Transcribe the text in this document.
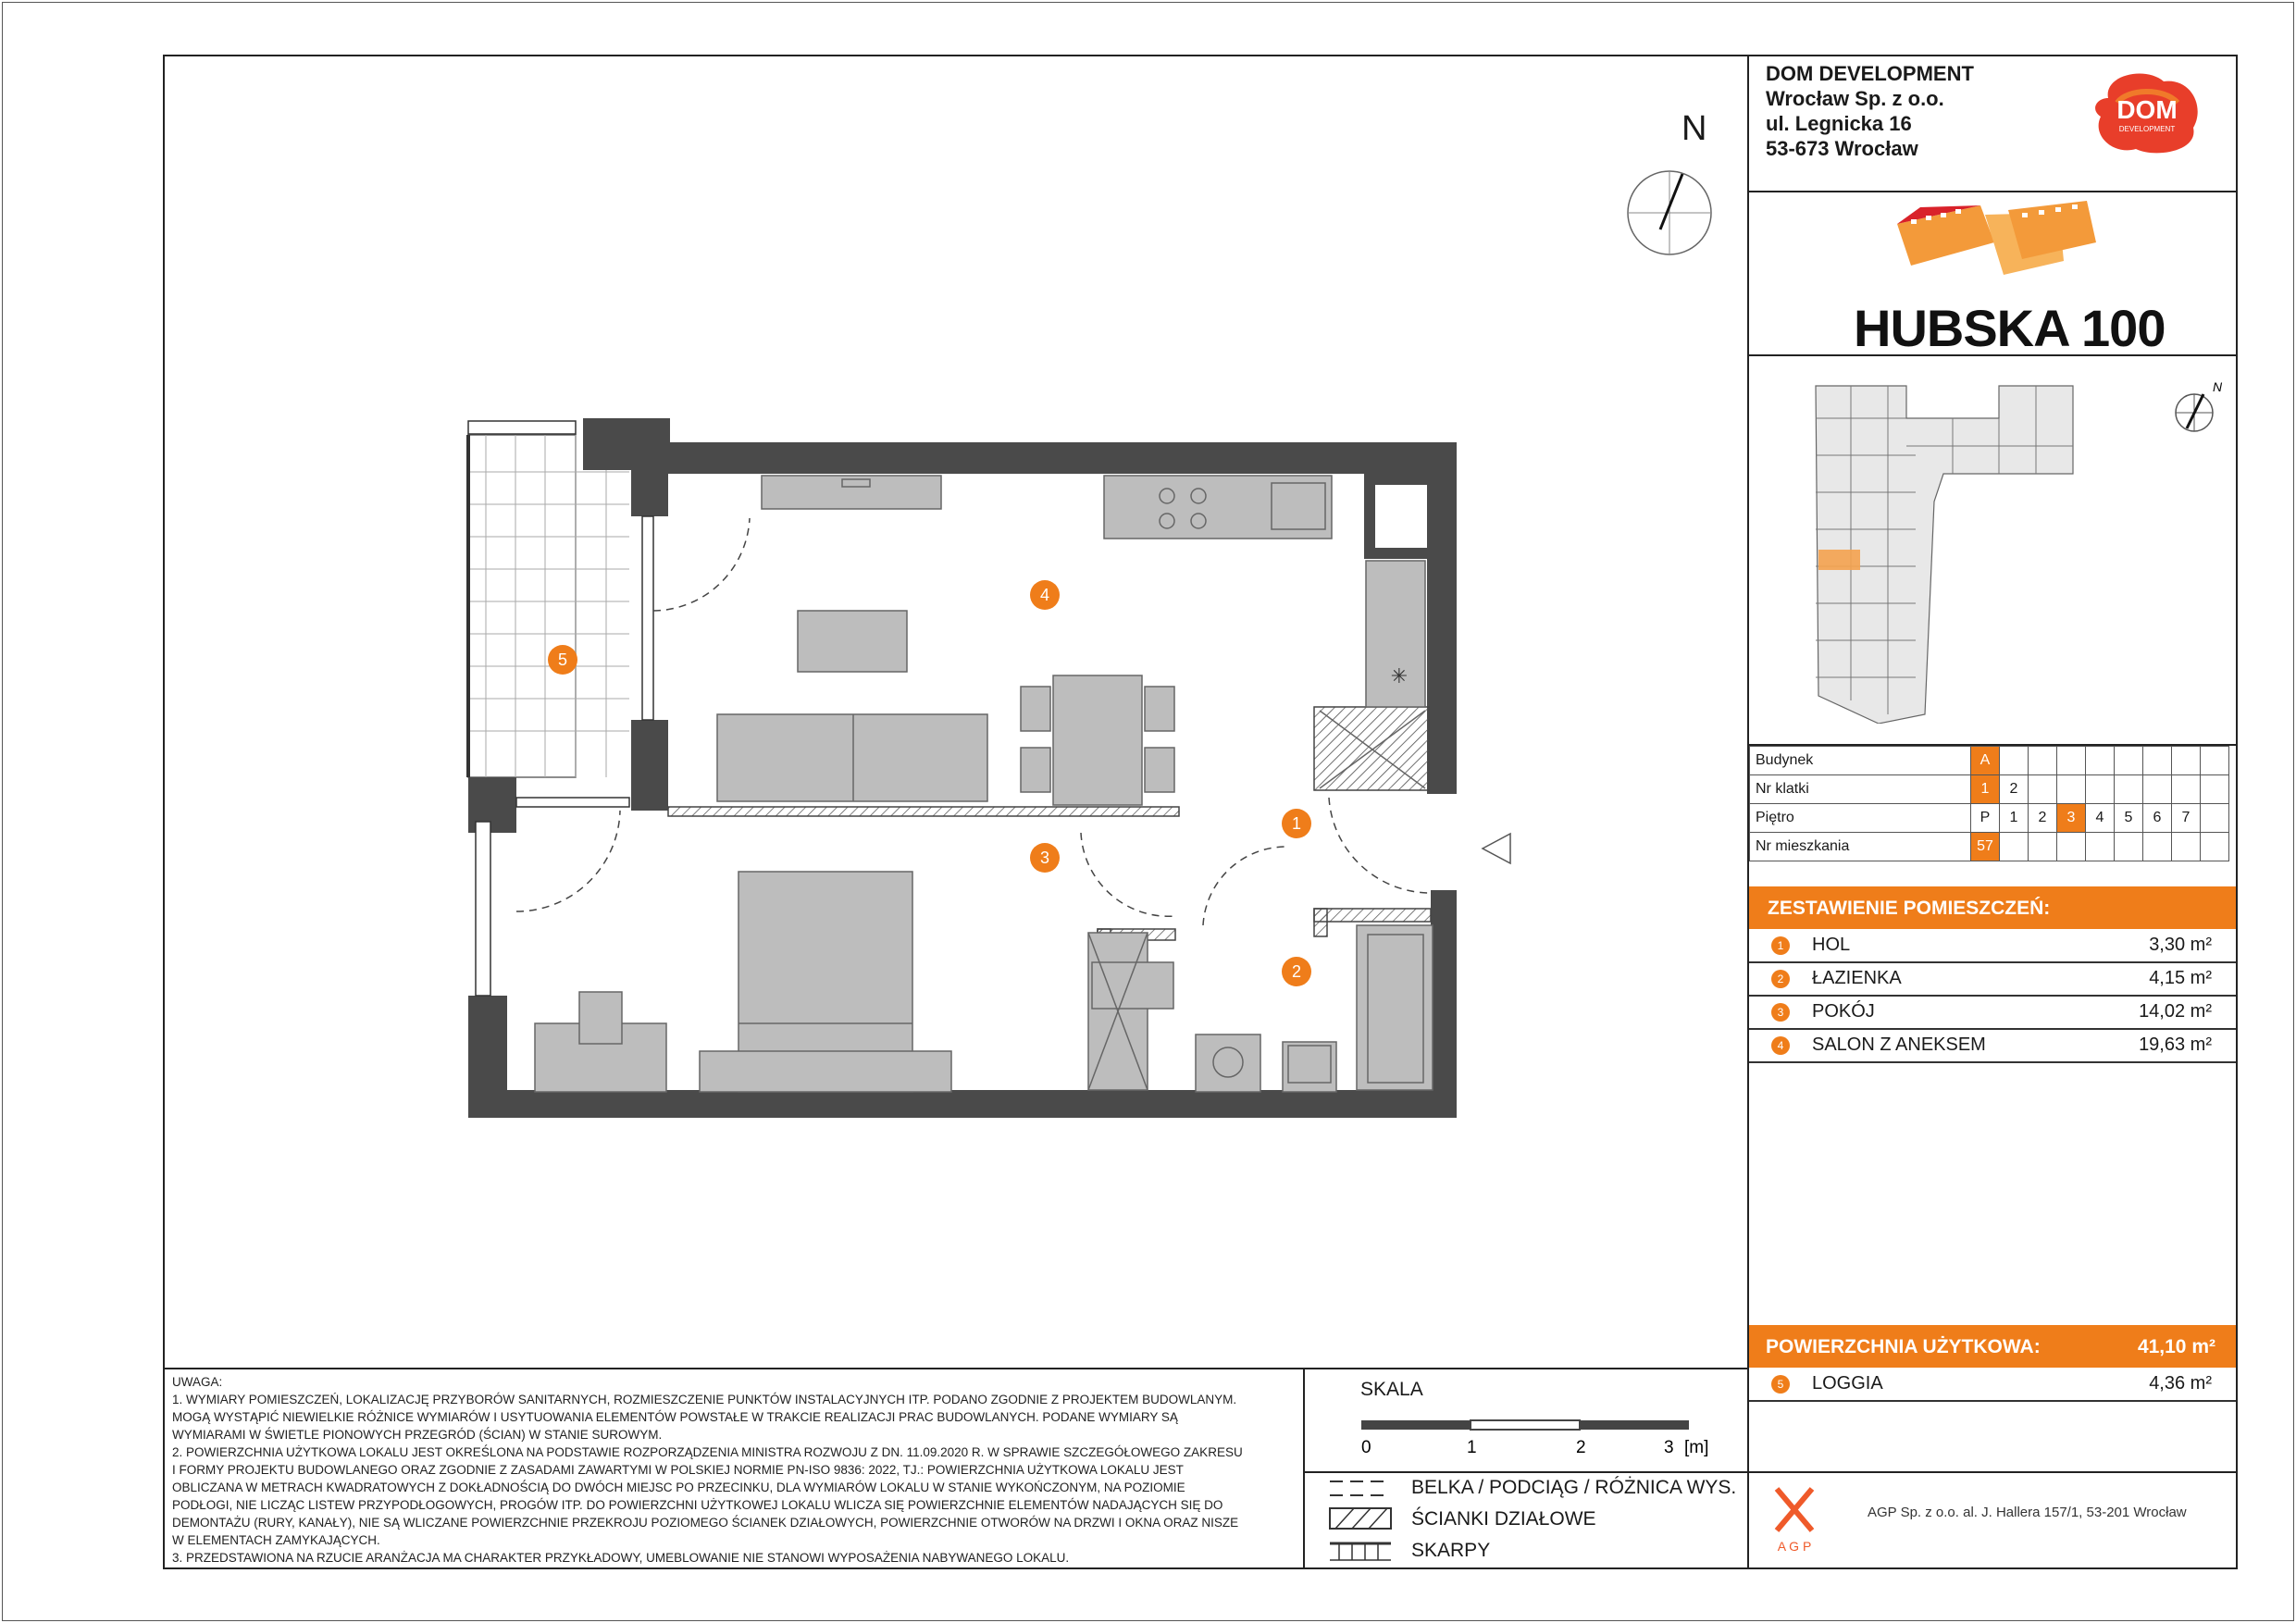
DOM DEVELOPMENT
Wrocław Sp. z o.o.
ul. Legnicka 16
53-673 Wrocław
DOM
DEVELOPMENT
HUBSKA 100
N
Budynek	A								
Nr klatki	1	2							
Piętro	P	1	2	3	4	5	6	7	
Nr mieszkania	57								
ZESTAWIENIE POMIESZCZEŃ:
1	HOL	3,30 m²
2	ŁAZIENKA	4,15 m²
3	POKÓJ	14,02 m²
4	SALON Z ANEKSEM	19,63 m²
POWIERZCHNIA UŻYTKOWA:	41,10 m²
5	LOGGIA	4,36 m²
A G P
AGP Sp. z o.o. al. J. Hallera 157/1, 53-201 Wrocław
UWAGA:
1. WYMIARY POMIESZCZEŃ, LOKALIZACJĘ PRZYBORÓW SANITARNYCH, ROZMIESZCZENIE PUNKTÓW INSTALACYJNYCH ITP. PODANO ZGODNIE Z PROJEKTEM BUDOWLANYM.
MOGĄ WYSTĄPIĆ NIEWIELKIE RÓŻNICE WYMIARÓW I USYTUOWANIA ELEMENTÓW POWSTAŁE W TRAKCIE REALIZACJI PRAC BUDOWLANYCH. PODANE WYMIARY SĄ
WYMIARAMI W ŚWIETLE PIONOWYCH PRZEGRÓD (ŚCIAN) W STANIE SUROWYM.
2. POWIERZCHNIA UŻYTKOWA LOKALU JEST OKREŚLONA NA PODSTAWIE ROZPORZĄDZENIA MINISTRA ROZWOJU Z DN. 11.09.2020 R. W SPRAWIE SZCZEGÓŁOWEGO ZAKRESU
I FORMY PROJEKTU BUDOWLANEGO ORAZ ZGODNIE Z ZASADAMI ZAWARTYMI W POLSKIEJ NORMIE PN-ISO 9836: 2022, TJ.: POWIERZCHNIA UŻYTKOWA LOKALU JEST
OBLICZANA W METRACH KWADRATOWYCH Z DOKŁADNOŚCIĄ DO DWÓCH MIEJSC PO PRZECINKU, DLA WYMIARÓW LOKALU W STANIE WYKOŃCZONYM, NA POZIOMIE
PODŁOGI, NIE LICZĄC LISTEW PRZYPODŁOGOWYCH, PROGÓW ITP. DO POWIERZCHNI UŻYTKOWEJ LOKALU WLICZA SIĘ POWIERZCHNIE ELEMENTÓW NADAJĄCYCH SIĘ DO
DEMONTAŻU (RURY, KANAŁY), NIE SĄ WLICZANE POWIERZCHNIE PRZEKROJU POZIOMEGO ŚCIANEK DZIAŁOWYCH, POWIERZCHNIE OTWORÓW NA DRZWI I OKNA ORAZ NISZE
W ELEMENTACH ZAMYKAJĄCYCH.
3. PRZEDSTAWIONA NA RZUCIE ARANŻACJA MA CHARAKTER PRZYKŁADOWY, UMEBLOWANIE NIE STANOWI WYPOSAŻENIA NABYWANEGO LOKALU.
SKALA
0	1	2	3 [m]
BELKA / PODCIĄG / RÓŻNICA WYS.
ŚCIANKI DZIAŁOWE
SKARPY
N
✳
1
2
3
4
5
